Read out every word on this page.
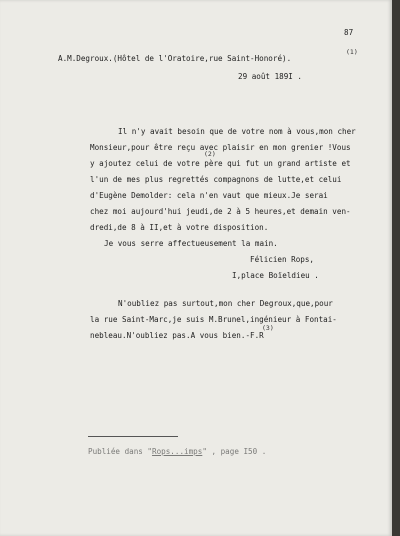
87
A.M.Degroux.(Hôtel de l'Oratoire,rue Saint-Honoré).
(1)
29 août 189I .
Il n'y avait besoin que de votre nom à vous,mon cher
Monsieur,pour être reçu avec plaisir en mon grenier !Vous
y ajoutez celui de votre père qui fut un grand artiste et
l'un de mes plus regrettés compagnons de lutte,et celui
d'Eugène Demolder: cela n'en vaut que mieux.Je serai
chez moi aujourd'hui jeudi,de 2 à 5 heures,et demain ven-
dredi,de 8 à II,et à votre disposition.
Je vous serre affectueusement la main.
(2)
Félicien Rops,
I,place Boïeldieu .
N'oubliez pas surtout,mon cher Degroux,que,pour
la rue Saint-Marc,je suis M.Brunel,ingénieur à Fontai-
nebleau.N'oubliez pas.A vous bien.-F.R
(3)
Publiée dans "Rops...imps" , page I50 .
